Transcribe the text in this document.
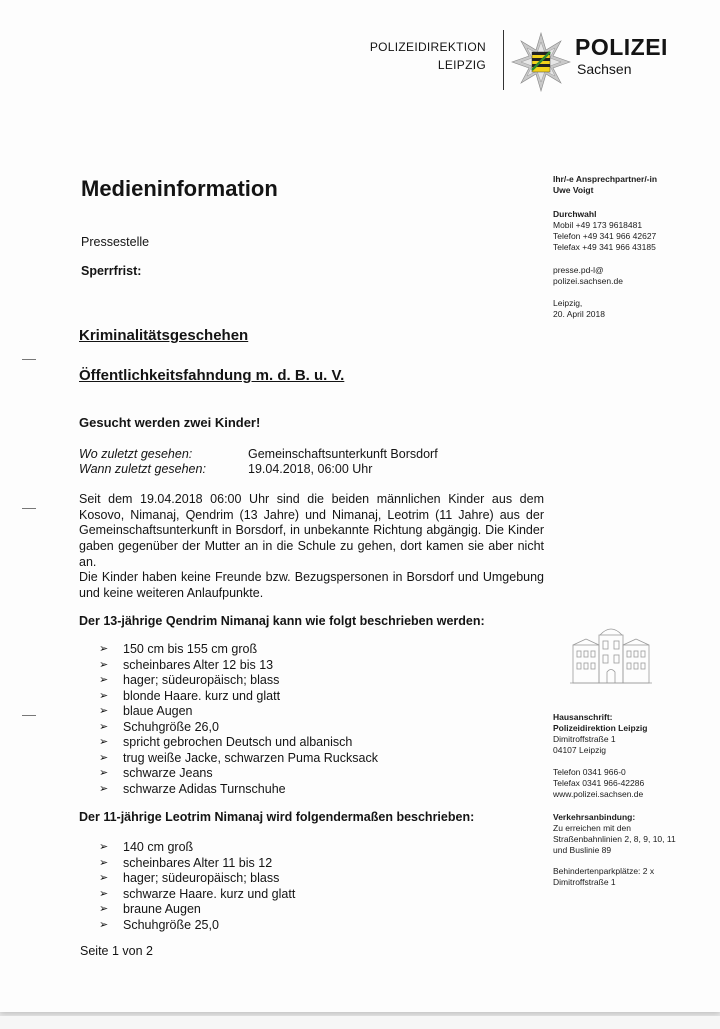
POLIZEIDIREKTION
LEIPZIG
POLIZEI
Sachsen
Medieninformation
Pressestelle
Sperrfrist:
Ihr/-e Ansprechpartner/-in
Uwe Voigt
Durchwahl
Mobil +49 173 9618481
Telefon +49 341 966 42627
Telefax +49 341 966 43185
presse.pd-l@
polizei.sachsen.de
Leipzig,
20. April 2018
Kriminalitätsgeschehen
Öffentlichkeitsfahndung m. d. B. u. V.
Gesucht werden zwei Kinder!
Wo zuletzt gesehen:	Gemeinschaftsunterkunft Borsdorf
Wann zuletzt gesehen:	19.04.2018, 06:00 Uhr
Seit dem 19.04.2018 06:00 Uhr sind die beiden männlichen Kinder aus dem Kosovo, Nimanaj, Qendrim (13 Jahre) und Nimanaj, Leotrim (11 Jahre) aus der Gemeinschaftsunterkunft in Borsdorf, in unbekannte Richtung abgängig. Die Kinder gaben gegenüber der Mutter an in die Schule zu gehen, dort kamen sie aber nicht an.
Die Kinder haben keine Freunde bzw. Bezugspersonen in Borsdorf und Umgebung und keine weiteren Anlaufpunkte.
Der 13-jährige Qendrim Nimanaj kann wie folgt beschrieben werden:
➢ 150 cm bis 155 cm groß
➢ scheinbares Alter 12 bis 13
➢ hager; südeuropäisch; blass
➢ blonde Haare. kurz und glatt
➢ blaue Augen
➢ Schuhgröße 26,0
➢ spricht gebrochen Deutsch und albanisch
➢ trug weiße Jacke, schwarzen Puma Rucksack
➢ schwarze Jeans
➢ schwarze Adidas Turnschuhe
Der 11-jährige Leotrim Nimanaj wird folgendermaßen beschrieben:
➢ 140 cm groß
➢ scheinbares Alter 11 bis 12
➢ hager; südeuropäisch; blass
➢ schwarze Haare. kurz und glatt
➢ braune Augen
➢ Schuhgröße 25,0
Seite 1 von 2
Hausanschrift:
Polizeidirektion Leipzig
Dimitroffstraße 1
04107 Leipzig
Telefon 0341 966-0
Telefax 0341 966-42286
www.polizei.sachsen.de
Verkehrsanbindung:
Zu erreichen mit den
Straßenbahnlinien 2, 8, 9, 10, 11
und Buslinie 89
Behindertenparkplätze: 2 x
Dimitroffstraße 1
